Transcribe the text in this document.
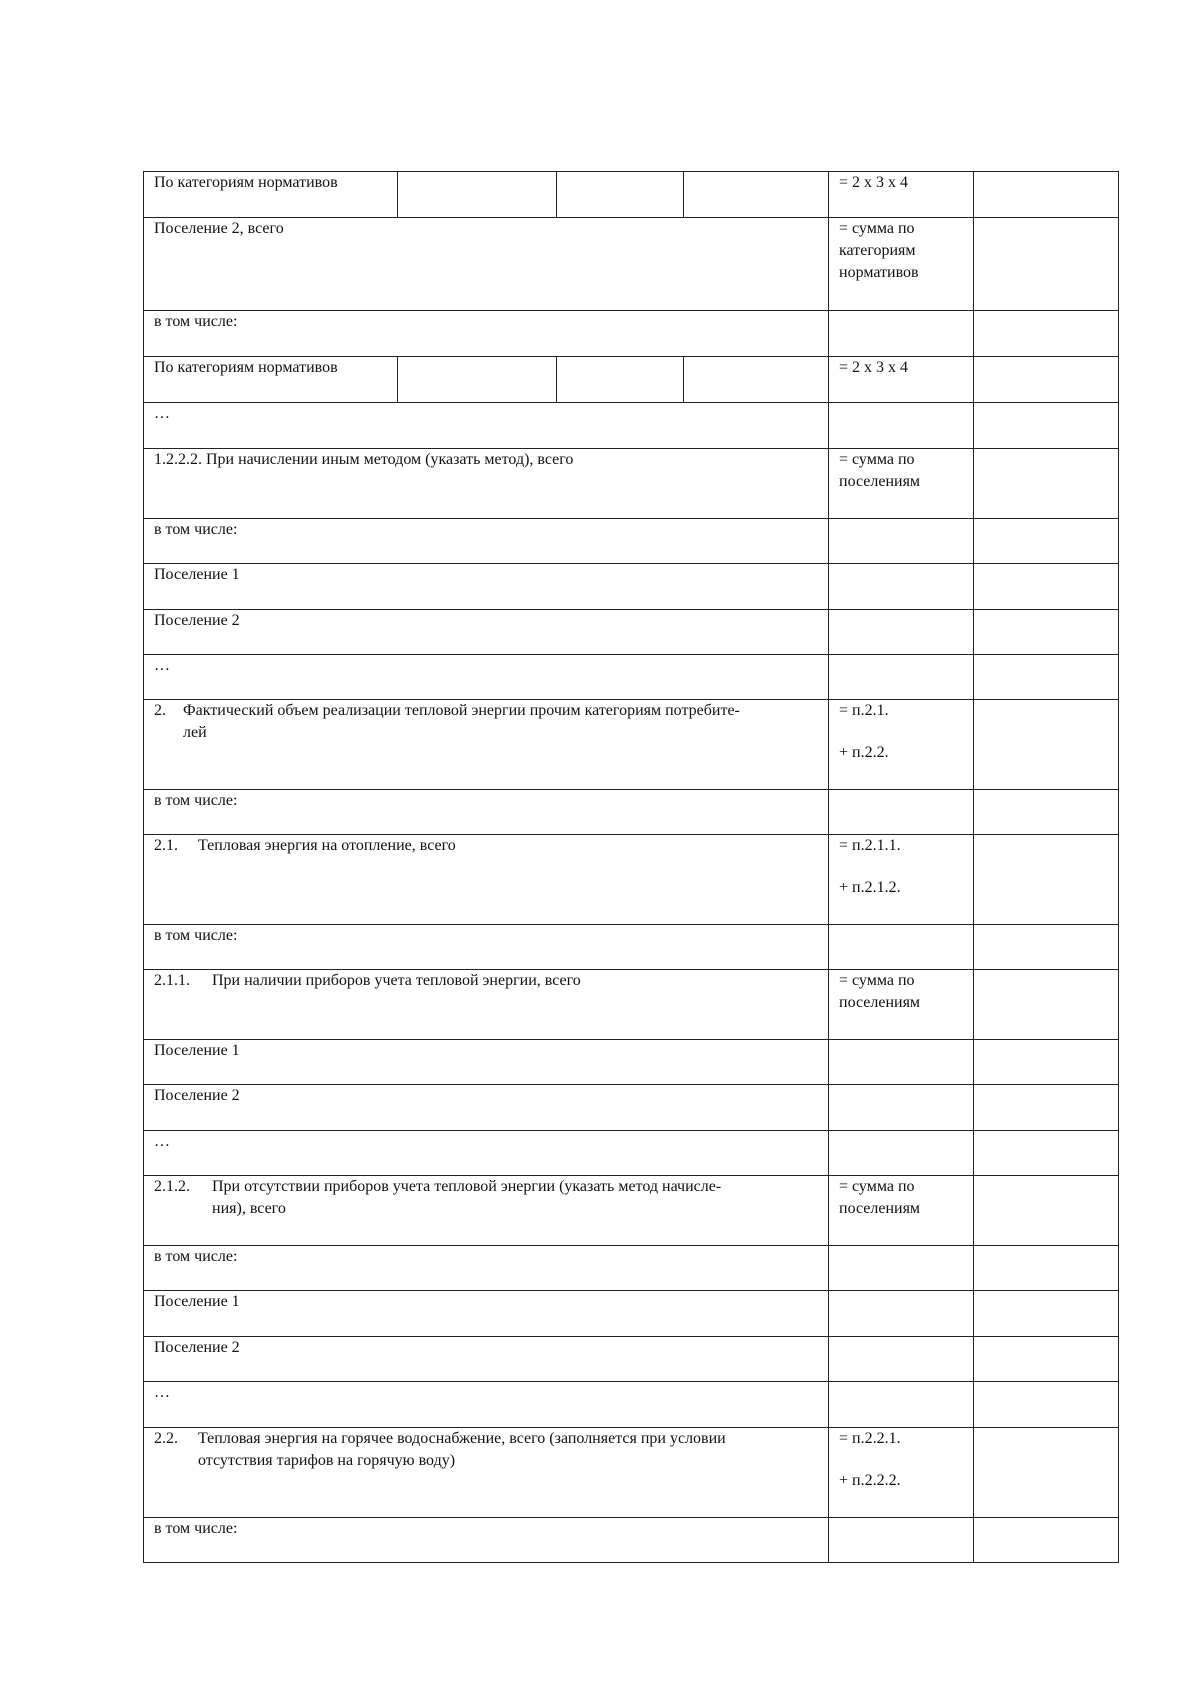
По категориям нормативов				= 2 х 3 х 4	
Поселение 2, всего				= сумма по
категориям
нормативов	

в том числе:					
По категориям нормативов				= 2 х 3 х 4	
…					
1.2.2.2. При начислении иным методом (указать метод), всего				= сумма по
поселениям	

в том числе:					
Поселение 1					
Поселение 2					
…					

2. Фактический объем реализации тепловой энергии прочим категориям потребите-
лей				= п.2.1.
+ п.2.2.	

в том числе:					

2.1. Тепловая энергия на отопление, всего				= п.2.1.1.
+ п.2.1.2.	

в том числе:					

2.1.1. При наличии приборов учета тепловой энергии, всего				= сумма по
поселениям	

Поселение 1					
Поселение 2					
…					

2.1.2. При отсутствии приборов учета тепловой энергии (указать метод начисле-
ния), всего				= сумма по
поселениям	

в том числе:					
Поселение 1					
Поселение 2					
…					

2.2. Тепловая энергия на горячее водоснабжение, всего (заполняется при условии
отсутствия тарифов на горячую воду)				= п.2.2.1.
+ п.2.2.2.	

в том числе:					
